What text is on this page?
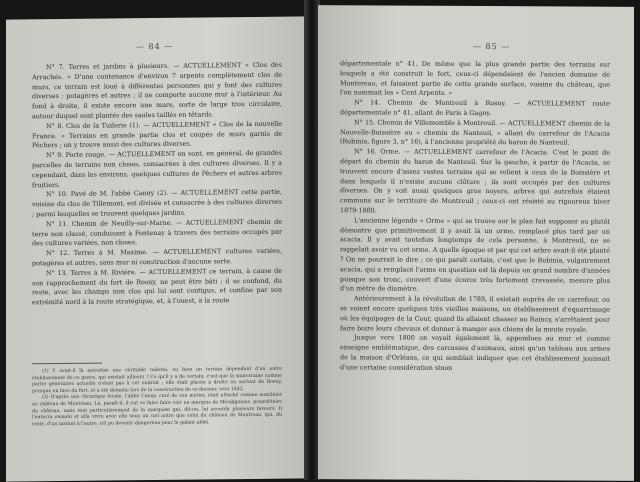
— 84 —

N° 7. Terres et jardins à plusieurs. — ACTUELLEMENT « Clos des Arrachés. » D'une contenance d'environ 7 arpents complètement clos de murs, ce terrain est loué à différentes personnes qui y font des cultures diverses : potagères et autres ; il ne comporte aucune mur à l'intérieur. Au fond à droite, il existe encore une mare, sorte de large trou circulaire, autour duquel sont plantés des saules taillés en têtards.

N° 8. Clos de la Tuilerie (1). — ACTUELLEMENT « Clos de la nouvelle France. » Terrains en grande partie clos et coupés de murs garnis de Pêchers ; on y trouve aussi des cultures diverses.

N° 9. Porte rouge. — ACTUELLEMENT on sont, en général, de grandes parcelles de terrains non closes, consacrées à des cultures diverses. Il y a cependant, dans les environs, quelques cultures de Pêchers et autres arbres fruitiers.

N° 10. Pavé de M. l'abbé Canny (2). — ACTUELLEMENT cette partie, voisine du clos de Tillemont, est divisée et consacrée à des cultures diverses ; parmi lesquelles se trouvent quelques jardins.

N° 11. Chemin de Neuilly-sur-Marne. — ACTUELLEMENT chemin de terre non classé, conduisant à Fontenay à travers des terrains occupés par des cultures variées, non closes.

N° 12. Terres à M. Maxime. — ACTUELLEMENT cultures variées, potagères et autres, sans mur ni construction d'aucune sorte.

N° 13. Terres à M. Rivière. — ACTUELLEMENT ce terrain, à cause de son rapprochement du fort de Rosny, ne peut être bâti ; il se confond, du reste, avec les champs non clos qui lui sont contigus, et confine par son extrémité nord à la route stratégique, et, à l'ouest, à la route

(1) Y avait-il là autrefois une véritable tuilerie, ou bien un terrain dépendant d'un autre établissement de ce genre, qui existait ailleurs ? Ce qu'il y a de certain, c'est que la souterraine comme partie générative actuelle n'était pas à cet endroit ; elle était placée à droite en sortant de Rosny, presque en face du fort, et a été démolie lors de la construction de ce dernier, vers 1842.

(2) D'après une chronique locale, l'abbé Canny, curé de son métier, était attaché comme aumônier au château de Montreau. Là, paraît-il, il eut ce faire faire voir au marquis de Mesdigoines, propriétaire du château, mais tout particulièrement de la marquise qui, dit-on, lui accorda plusieurs faveurs. Il l'enterra ensuite et alla vivre avec elle sous un ciel autre que celui du château de Montreau, qui, du reste, d'un instant à l'autre, cél pu devenir dangereux pour le galant abbé.

— 85 —

départementale n° 41. De même que la plus grande partie des terrains sur lesquels a été construit le fort, ceux-ci dépendaient de l'ancien domaine de Montereau, et faisaient partie de cette grande surface, voisine du château, que l'on nommait les « Cent Arpents. »

N° 14. Chemin de Montreuil à Rosny. — ACTUELLEMENT route départementale n° 41, allant de Paris à Gagny.

N° 15. Chemin de Villemomble à Montreuil. — ACTUELLEMENT chemin de la Nouvelle-Boissière ou « chemin de Nanteuil, » allant du carrefour de l'Acacia (Robinia, figure 3, n° 16), à l'ancienne propriété du baron de Nanteuil.

N° 16. Orme. — ACTUELLEMENT carrefour de l'Acacia. C'est le point de départ du chemin du baron de Nanteuil. Sur la gauche, à partir de l'Acacia, se trouvent encore d'assez vastes terrains qui se relient à ceux de la Boissière et dans lesquels il n'existe aucune clôture ; ils sont occupés par des cultures diverses. On y voit aussi quelques gros noyers, arbres qui autrefois étaient communs sur le territoire de Montreuil ; ceux-ci ont résisté au rigoureux hiver 1879-1880.

L'ancienne légende « Orme » qui se trouve sur le plan fait supposer ou plutôt démontre que primitivement il y avait là un orme, remplacé plus tard par un acacia. Il y avait toutefois longtemps de cela personne, à Montreuil, ne se rappelait avoir vu cet orme. A quelle époque et par qui cet arbre avait-il été planté ? On ne pourrait le dire ; ce qui paraît certain, c'est que le Robinia, vulgairement acacia, qui a remplacé l'orme en question est là depuis un grand nombre d'années puisque son tronc, couvert d'une écorce très fortement crevassée, mesure plus d'un mètre de diamètre.

Antérieurement à la révolution de 1789, il existait auprès de ce carrefour, ou se voient encore quelques très vieilles maisons, un établissement d'équarrissage où les équipages de la Cour, quand ils allaient chasser au Raincy, s'arrêtaient pour faire boire leurs chevaux et donner à manger aux chiens de la meute royale.

Jusque vers 1800 on voyait également là, appendues au mur et comme enseigne emblématique, des carcasses d'animaux, ainsi qu'un tableau aux armes de la maison d'Orléans, ce qui semblait indiquer que cet établissement jouissait d'une certaine considération sinon
